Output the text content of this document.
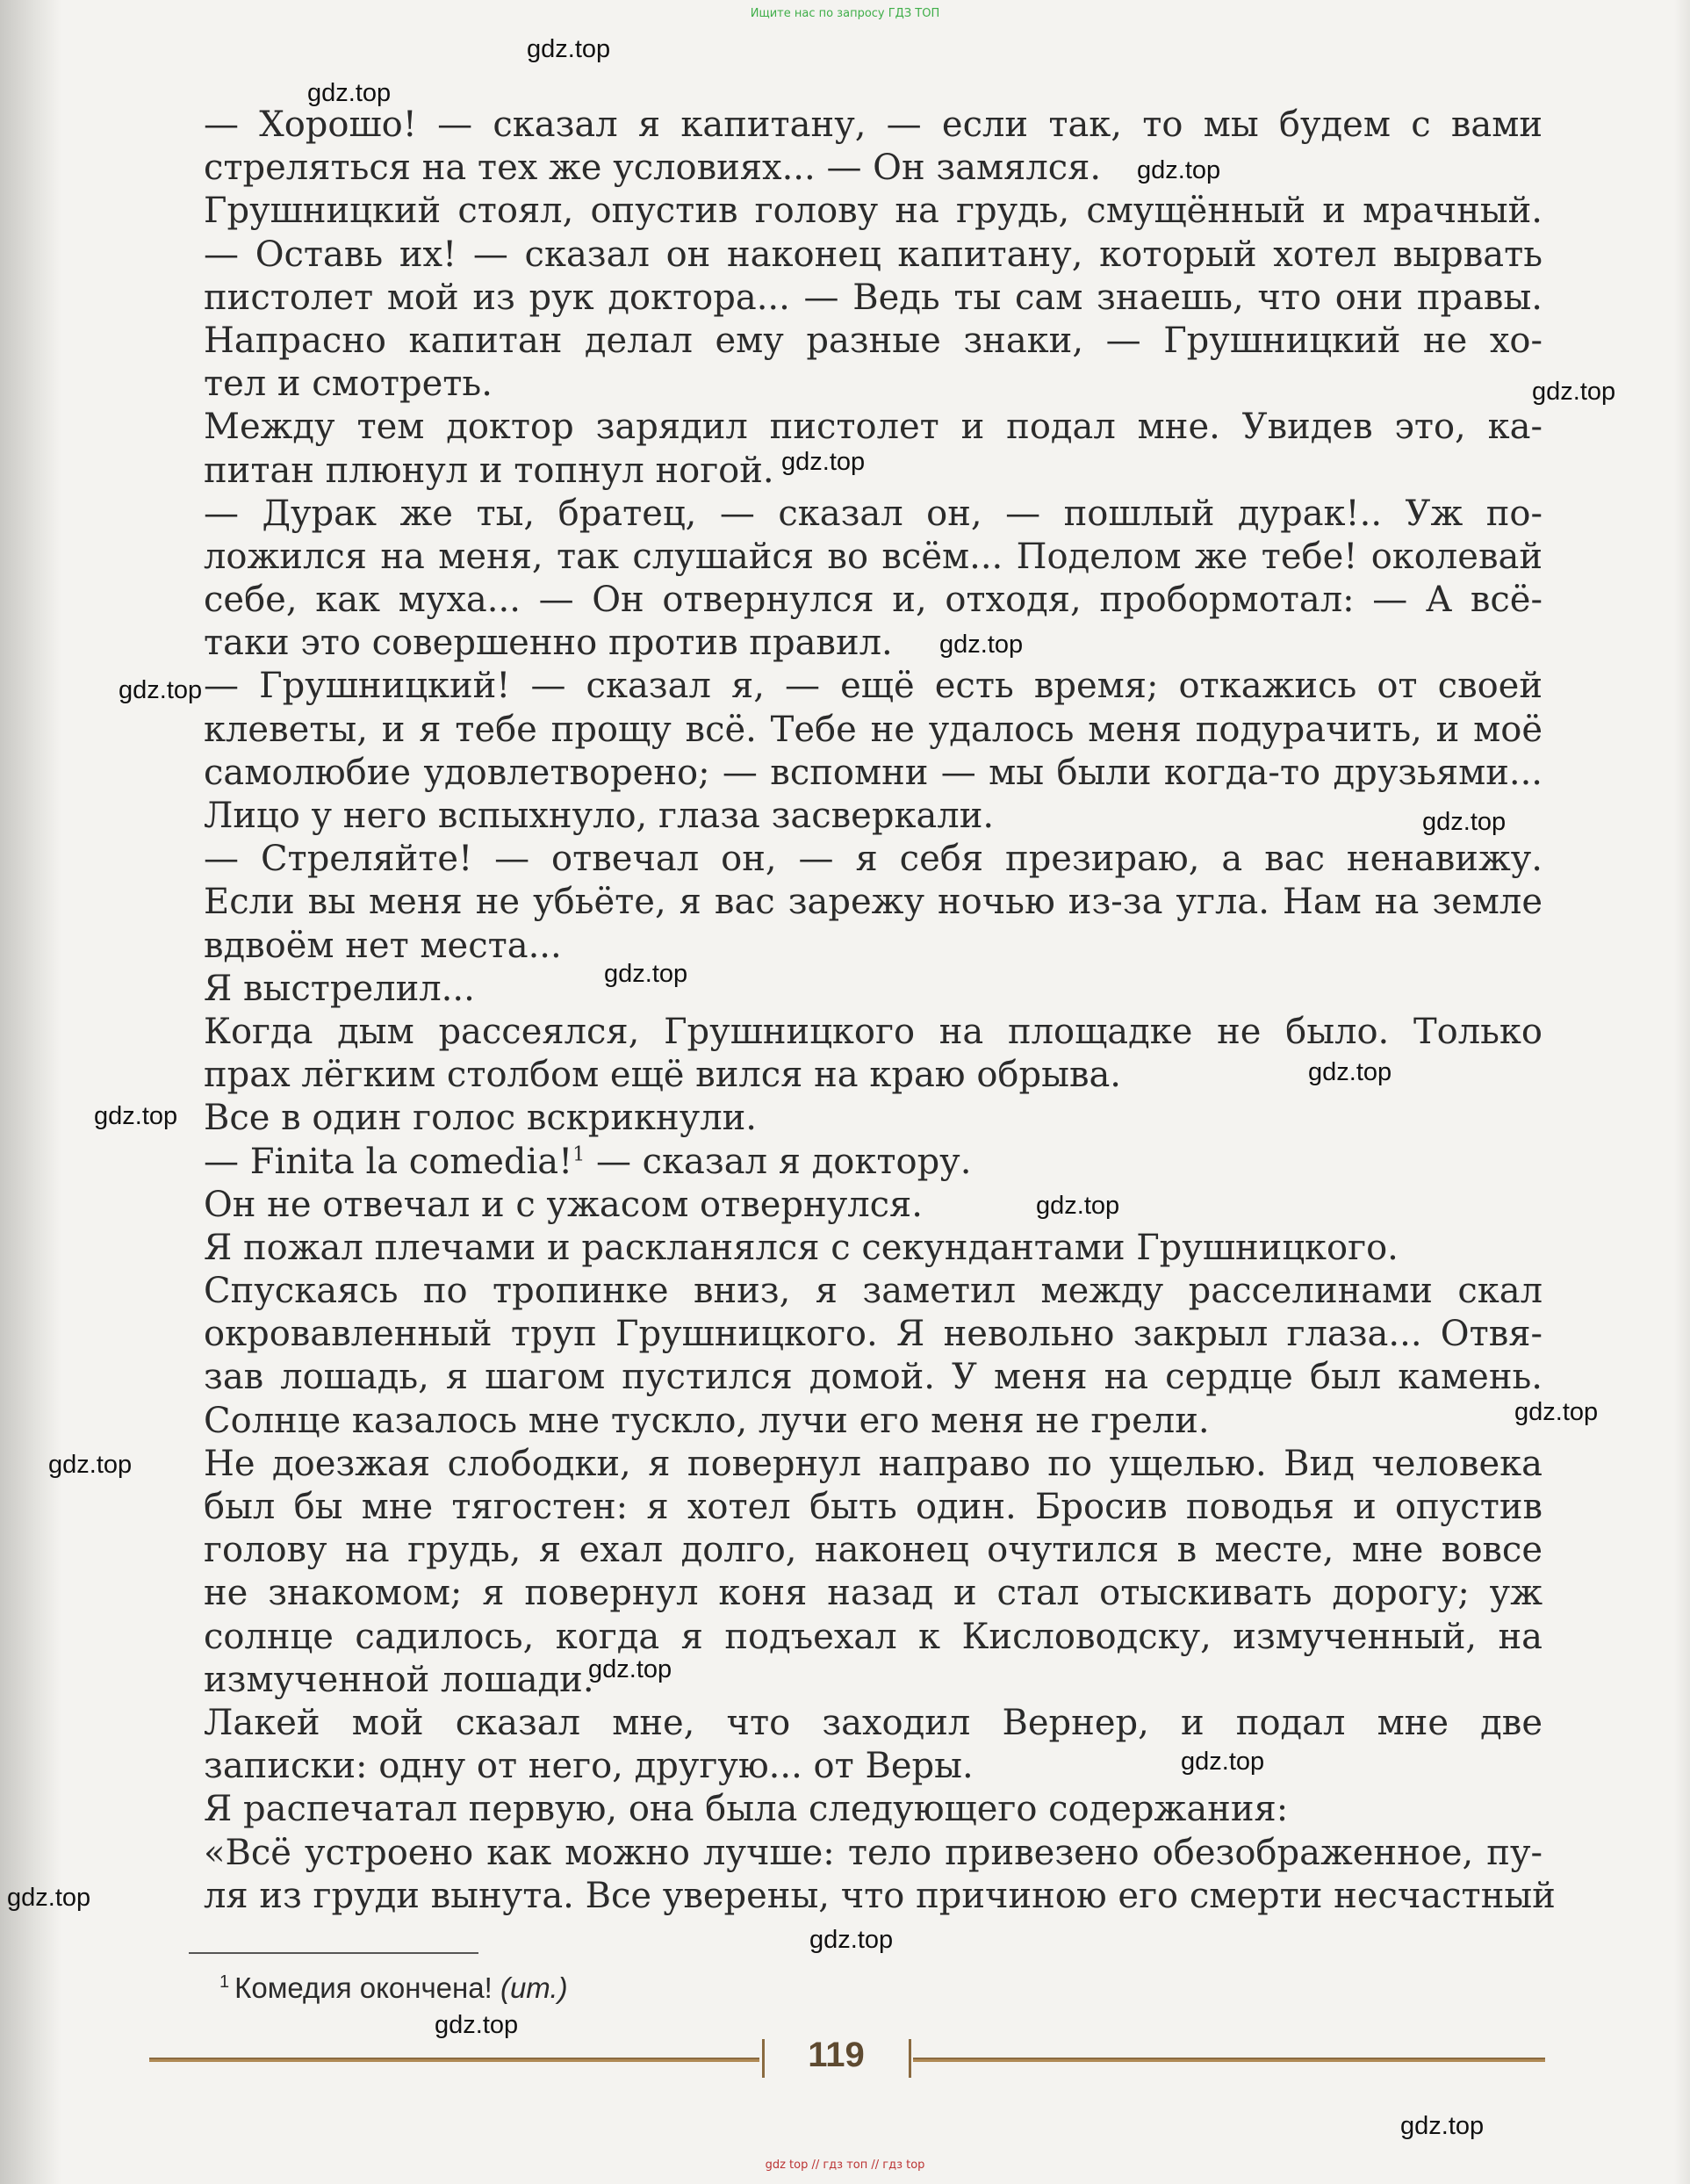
Ищите нас по запросу ГДЗ ТОП
— Хорошо! — сказал я капитану, — если так, то мы будем с вами
стреляться на тех же условиях... — Он замялся.
Грушницкий стоял, опустив голову на грудь, смущённый и мрачный.
— Оставь их! — сказал он наконец капитану, который хотел вырвать
пистолет мой из рук доктора... — Ведь ты сам знаешь, что они правы.
Напрасно капитан делал ему разные знаки, — Грушницкий не хо-
тел и смотреть.
Между тем доктор зарядил пистолет и подал мне. Увидев это, ка-
питан плюнул и топнул ногой.
— Дурак же ты, братец, — сказал он, — пошлый дурак!.. Уж по-
ложился на меня, так слушайся во всём... Поделом же тебе! околевай
себе, как муха... — Он отвернулся и, отходя, пробормотал: — А всё-
таки это совершенно против правил.
— Грушницкий! — сказал я, — ещё есть время; откажись от своей
клеветы, и я тебе прощу всё. Тебе не удалось меня подурачить, и моё
самолюбие удовлетворено; — вспомни — мы были когда-то друзьями...
Лицо у него вспыхнуло, глаза засверкали.
— Стреляйте! — отвечал он, — я себя презираю, а вас ненавижу.
Если вы меня не убьёте, я вас зарежу ночью из-за угла. Нам на земле
вдвоём нет места...
Я выстрелил...
Когда дым рассеялся, Грушницкого на площадке не было. Только
прах лёгким столбом ещё вился на краю обрыва.
Все в один голос вскрикнули.
— Finita la comedia!$^1$ — сказал я доктору.
Он не отвечал и с ужасом отвернулся.
Я пожал плечами и раскланялся с секундантами Грушницкого.
Спускаясь по тропинке вниз, я заметил между расселинами скал
окровавленный труп Грушницкого. Я невольно закрыл глаза... Отвя-
зав лошадь, я шагом пустился домой. У меня на сердце был камень.
Солнце казалось мне тускло, лучи его меня не грели.
Не доезжая слободки, я повернул направо по ущелью. Вид человека
был бы мне тягостен: я хотел быть один. Бросив поводья и опустив
голову на грудь, я ехал долго, наконец очутился в месте, мне вовсе
не знакомом; я повернул коня назад и стал отыскивать дорогу; уж
солнце садилось, когда я подъехал к Кисловодску, измученный, на
измученной лошади.
Лакей мой сказал мне, что заходил Вернер, и подал мне две
записки: одну от него, другую... от Веры.
Я распечатал первую, она была следующего содержания:
«Всё устроено как можно лучше: тело привезено обезображенное, пу-
ля из груди вынута. Все уверены, что причиною его смерти несчастный
$^1$ Комедия окончена! (ит.)
119
gdz.top
gdz.top
gdz.top
gdz.top
gdz.top
gdz.top
gdz.top
gdz.top
gdz.top
gdz.top
gdz.top
gdz.top
gdz.top
gdz.top
gdz.top
gdz.top
gdz.top
gdz.top
gdz.top
gdz.top
gdz top // гдз топ // гдз top
